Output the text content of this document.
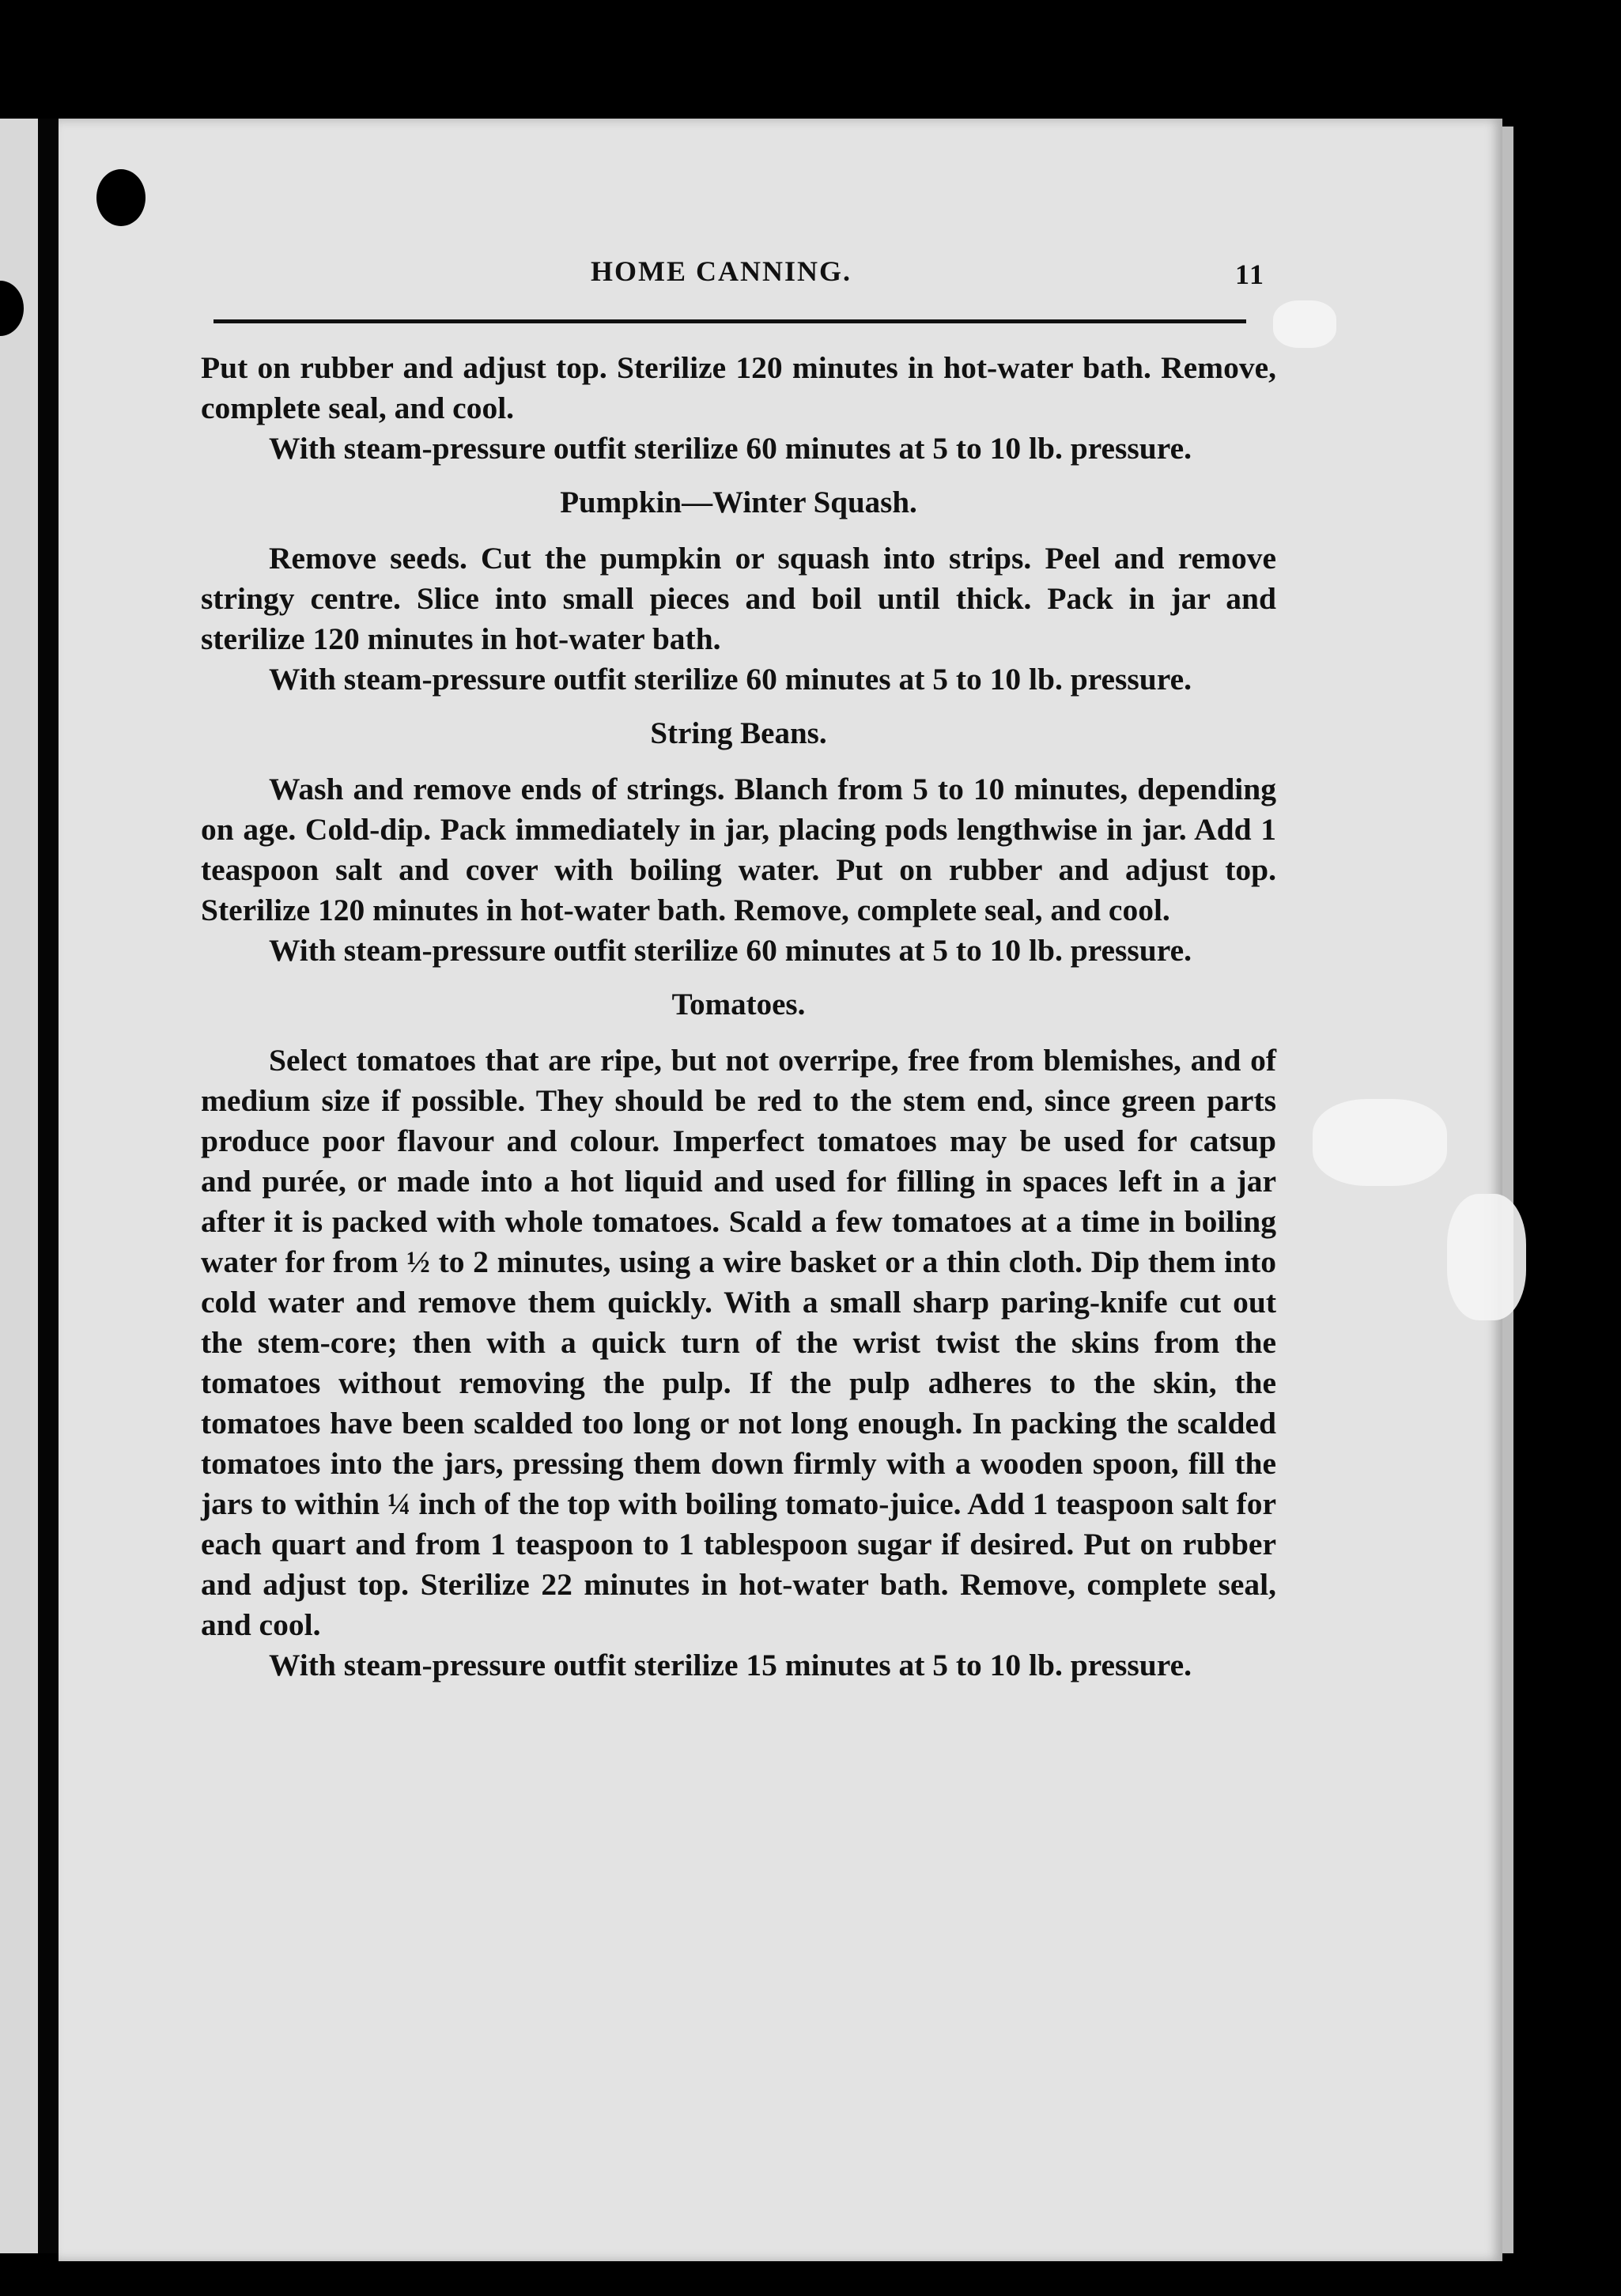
HOME CANNING.	11

Put on rubber and adjust top. Sterilize 120 minutes in hot-water bath. Remove, complete seal, and cool.

With steam-pressure outfit sterilize 60 minutes at 5 to 10 lb. pressure.

Pumpkin—Winter Squash.

Remove seeds. Cut the pumpkin or squash into strips. Peel and remove stringy centre. Slice into small pieces and boil until thick. Pack in jar and sterilize 120 minutes in hot-water bath.

With steam-pressure outfit sterilize 60 minutes at 5 to 10 lb. pressure.

String Beans.

Wash and remove ends of strings. Blanch from 5 to 10 minutes, depending on age. Cold-dip. Pack immediately in jar, placing pods lengthwise in jar. Add 1 teaspoon salt and cover with boiling water. Put on rubber and adjust top. Sterilize 120 minutes in hot-water bath. Remove, complete seal, and cool.

With steam-pressure outfit sterilize 60 minutes at 5 to 10 lb. pressure.

Tomatoes.

Select tomatoes that are ripe, but not overripe, free from blemishes, and of medium size if possible. They should be red to the stem end, since green parts produce poor flavour and colour. Imperfect tomatoes may be used for catsup and purée, or made into a hot liquid and used for filling in spaces left in a jar after it is packed with whole tomatoes. Scald a few tomatoes at a time in boiling water for from ½ to 2 minutes, using a wire basket or a thin cloth. Dip them into cold water and remove them quickly. With a small sharp paring-knife cut out the stem-core; then with a quick turn of the wrist twist the skins from the tomatoes without removing the pulp. If the pulp adheres to the skin, the tomatoes have been scalded too long or not long enough. In packing the scalded tomatoes into the jars, pressing them down firmly with a wooden spoon, fill the jars to within ¼ inch of the top with boiling tomato-juice. Add 1 teaspoon salt for each quart and from 1 teaspoon to 1 tablespoon sugar if desired. Put on rubber and adjust top. Sterilize 22 minutes in hot-water bath. Remove, complete seal, and cool.

With steam-pressure outfit sterilize 15 minutes at 5 to 10 lb. pressure.
